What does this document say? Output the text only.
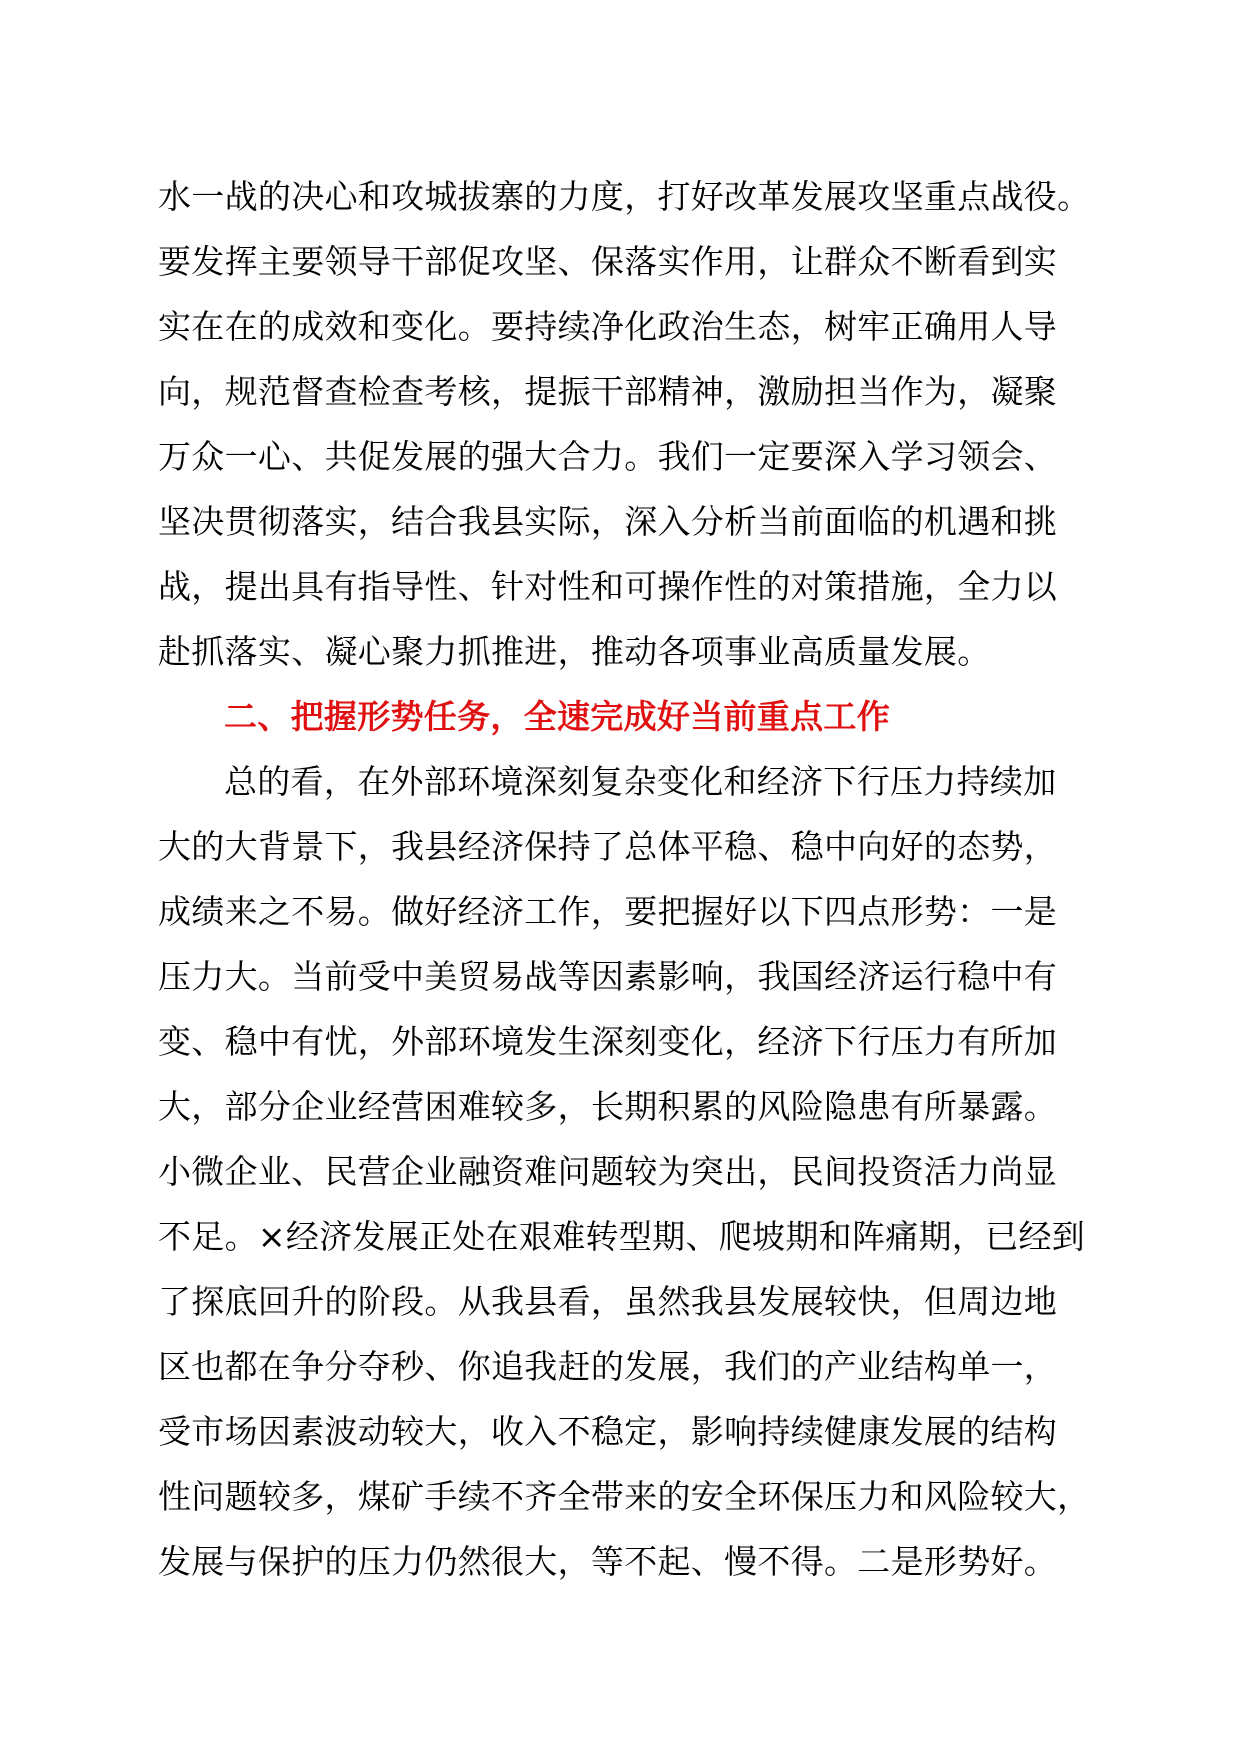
水一战的决心和攻城拔寨的力度，打好改革发展攻坚重点战役。
要发挥主要领导干部促攻坚、保落实作用，让群众不断看到实
实在在的成效和变化。要持续净化政治生态，树牢正确用人导
向，规范督查检查考核，提振干部精神，激励担当作为，凝聚
万众一心、共促发展的强大合力。我们一定要深入学习领会、
坚决贯彻落实，结合我县实际，深入分析当前面临的机遇和挑
战，提出具有指导性、针对性和可操作性的对策措施，全力以
赴抓落实、凝心聚力抓推进，推动各项事业高质量发展。
二、把握形势任务，全速完成好当前重点工作
总的看，在外部环境深刻复杂变化和经济下行压力持续加
大的大背景下，我县经济保持了总体平稳、稳中向好的态势，
成绩来之不易。做好经济工作，要把握好以下四点形势：一是
压力大。当前受中美贸易战等因素影响，我国经济运行稳中有
变、稳中有忧，外部环境发生深刻变化，经济下行压力有所加
大，部分企业经营困难较多，长期积累的风险隐患有所暴露。
小微企业、民营企业融资难问题较为突出，民间投资活力尚显
不足。×经济发展正处在艰难转型期、爬坡期和阵痛期，已经到
了探底回升的阶段。从我县看，虽然我县发展较快，但周边地
区也都在争分夺秒、你追我赶的发展，我们的产业结构单一，
受市场因素波动较大，收入不稳定，影响持续健康发展的结构
性问题较多，煤矿手续不齐全带来的安全环保压力和风险较大，
发展与保护的压力仍然很大，等不起、慢不得。二是形势好。
